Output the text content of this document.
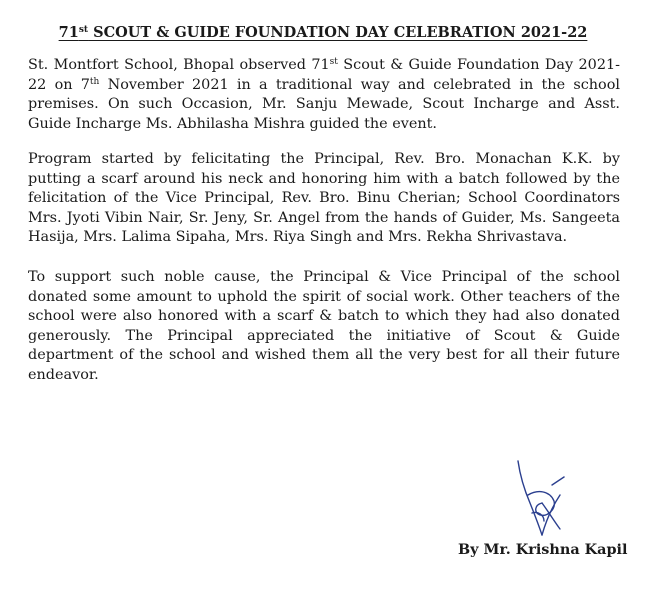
71st SCOUT & GUIDE FOUNDATION DAY CELEBRATION 2021-22

St. Montfort School, Bhopal observed 71st Scout & Guide Foundation Day 2021-22 on 7th November 2021 in a traditional way and celebrated in the school premises. On such Occasion, Mr. Sanju Mewade, Scout Incharge and Asst. Guide Incharge Ms. Abhilasha Mishra guided the event.

Program started by felicitating the Principal, Rev. Bro. Monachan K.K. by putting a scarf around his neck and honoring him with a batch followed by the felicitation of the Vice Principal, Rev. Bro. Binu Cherian; School Coordinators Mrs. Jyoti Vibin Nair, Sr. Jeny, Sr. Angel from the hands of Guider, Ms. Sangeeta Hasija, Mrs. Lalima Sipaha, Mrs. Riya Singh and Mrs. Rekha Shrivastava.

To support such noble cause, the Principal & Vice Principal of the school donated some amount to uphold the spirit of social work. Other teachers of the school were also honored with a scarf & batch to which they had also donated generously. The Principal appreciated the initiative of Scout & Guide department of the school and wished them all the very best for all their future endeavor.

By Mr. Krishna Kapil
